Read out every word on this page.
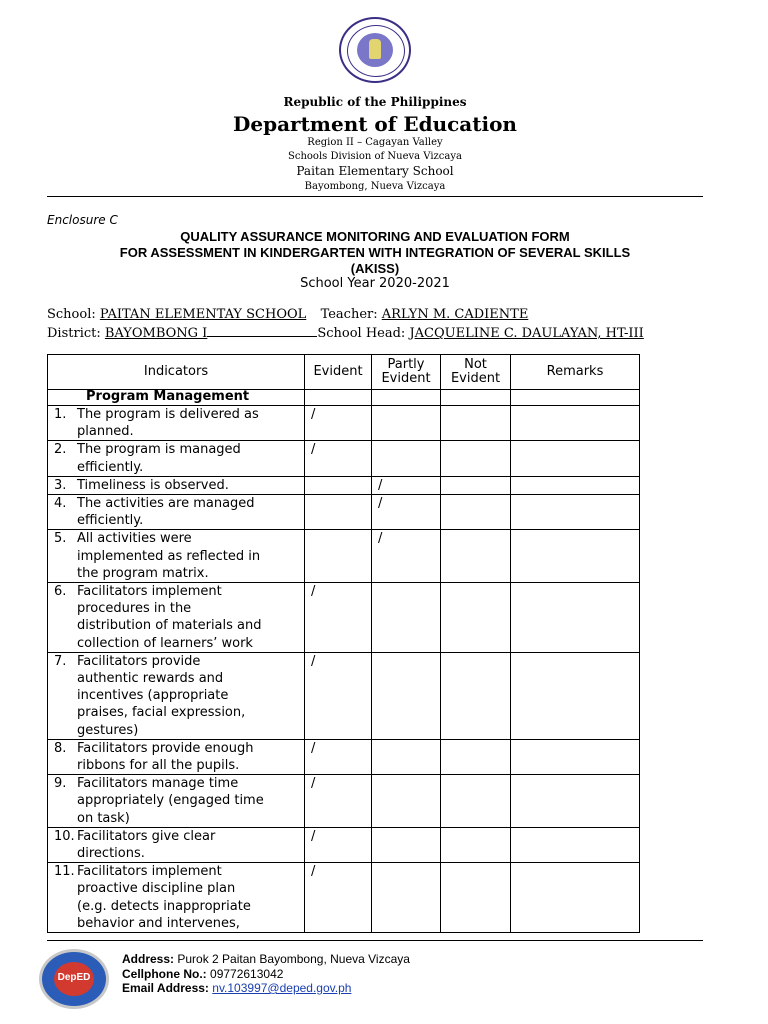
Republic of the Philippines
Department of Education
Region II – Cagayan Valley
Schools Division of Nueva Vizcaya
Paitan Elementary School
Bayombong, Nueva Vizcaya
Enclosure C
QUALITY ASSURANCE MONITORING AND EVALUATION FORM
FOR ASSESSMENT IN KINDERGARTEN WITH INTEGRATION OF SEVERAL SKILLS
(AKISS)
School Year 2020-2021
School: PAITAN ELEMENTAY SCHOOL Teacher: ARLYN M. CADIENTE
District: BAYOMBONG I	School Head: JACQUELINE C. DAULAYAN, HT-III
Indicators	Evident	Partly Evident	Not Evident	Remarks
Program Management				
1. The program is delivered as
planned.	/			
2. The program is managed
efficiently.	/			
3. Timeliness is observed.		/		
4. The activities are managed
efficiently.		/		
5. All activities were
implemented as reflected in
the program matrix.		/		
6. Facilitators implement
procedures in the
distribution of materials and
collection of learners’ work	/			
7. Facilitators provide
authentic rewards and
incentives (appropriate
praises, facial expression,
gestures)	/			
8. Facilitators provide enough
ribbons for all the pupils.	/			
9. Facilitators manage time
appropriately (engaged time
on task)	/			
10. Facilitators give clear
directions.	/			
11. Facilitators implement
proactive discipline plan
(e.g. detects inappropriate
behavior and intervenes,	/			
DepED
Address: Purok 2 Paitan Bayombong, Nueva Vizcaya
Cellphone No.: 09772613042
Email Address: nv.103997@deped.gov.ph
